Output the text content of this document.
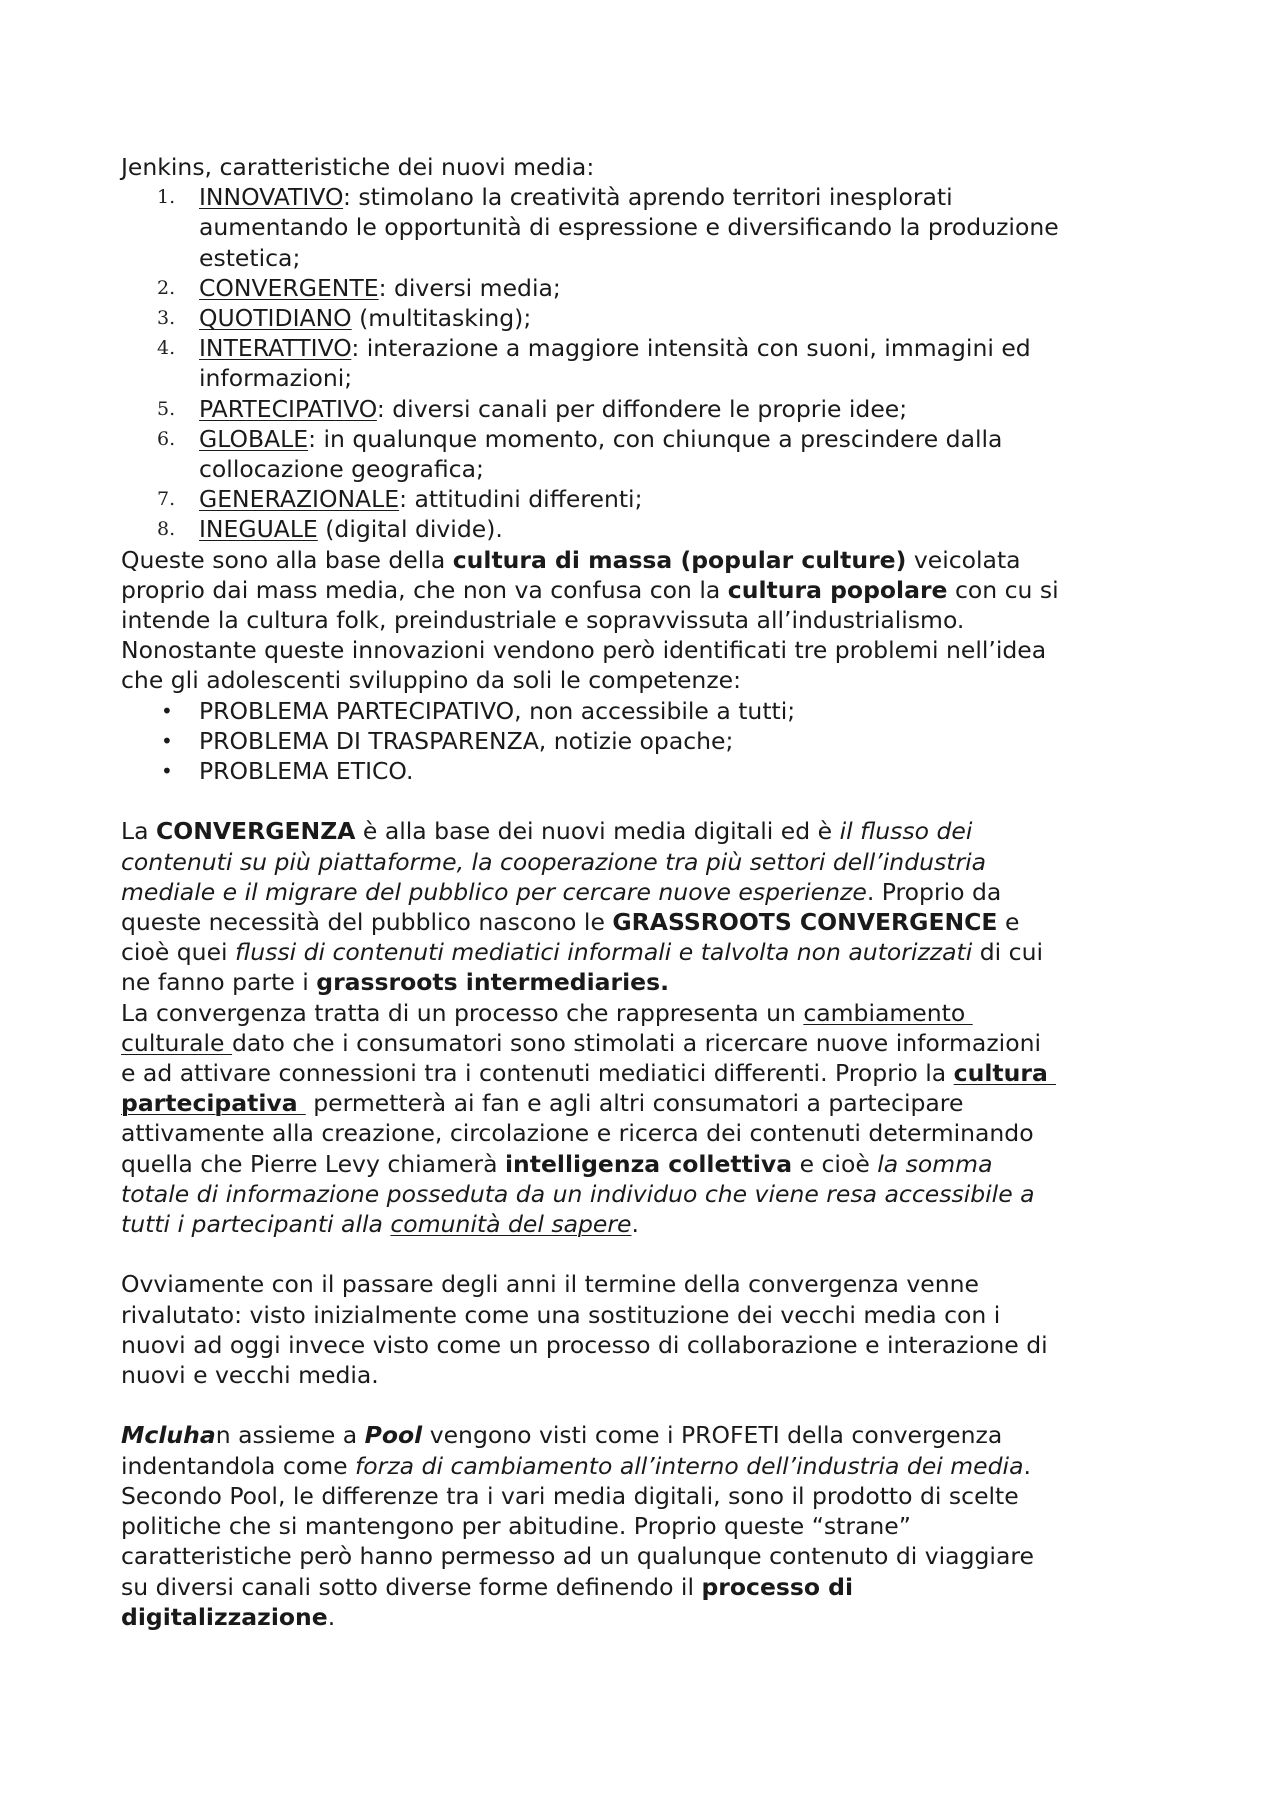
Jenkins, caratteristiche dei nuovi media:
1. INNOVATIVO: stimolano la creatività aprendo territori inesplorati
aumentando le opportunità di espressione e diversificando la produzione
estetica;
2. CONVERGENTE: diversi media;
3. QUOTIDIANO (multitasking);
4. INTERATTIVO: interazione a maggiore intensità con suoni, immagini ed
informazioni;
5. PARTECIPATIVO: diversi canali per diffondere le proprie idee;
6. GLOBALE: in qualunque momento, con chiunque a prescindere dalla
collocazione geografica;
7. GENERAZIONALE: attitudini differenti;
8. INEGUALE (digital divide).
Queste sono alla base della cultura di massa (popular culture) veicolata
proprio dai mass media, che non va confusa con la cultura popolare con cu si
intende la cultura folk, preindustriale e sopravvissuta all’industrialismo.
Nonostante queste innovazioni vendono però identificati tre problemi nell’idea
che gli adolescenti sviluppino da soli le competenze:
• PROBLEMA PARTECIPATIVO, non accessibile a tutti;
• PROBLEMA DI TRASPARENZA, notizie opache;
• PROBLEMA ETICO.
La CONVERGENZA è alla base dei nuovi media digitali ed è il flusso dei
contenuti su più piattaforme, la cooperazione tra più settori dell’industria
mediale e il migrare del pubblico per cercare nuove esperienze. Proprio da
queste necessità del pubblico nascono le GRASSROOTS CONVERGENCE e
cioè quei flussi di contenuti mediatici informali e talvolta non autorizzati di cui
ne fanno parte i grassroots intermediaries.
La convergenza tratta di un processo che rappresenta un cambiamento
culturale dato che i consumatori sono stimolati a ricercare nuove informazioni
e ad attivare connessioni tra i contenuti mediatici differenti. Proprio la cultura
partecipativa  permetterà ai fan e agli altri consumatori a partecipare
attivamente alla creazione, circolazione e ricerca dei contenuti determinando
quella che Pierre Levy chiamerà intelligenza collettiva e cioè la somma
totale di informazione posseduta da un individuo che viene resa accessibile a
tutti i partecipanti alla comunità del sapere.
Ovviamente con il passare degli anni il termine della convergenza venne
rivalutato: visto inizialmente come una sostituzione dei vecchi media con i
nuovi ad oggi invece visto come un processo di collaborazione e interazione di
nuovi e vecchi media.
Mcluhan assieme a Pool vengono visti come i PROFETI della convergenza
indentandola come forza di cambiamento all’interno dell’industria dei media.
Secondo Pool, le differenze tra i vari media digitali, sono il prodotto di scelte
politiche che si mantengono per abitudine. Proprio queste “strane”
caratteristiche però hanno permesso ad un qualunque contenuto di viaggiare
su diversi canali sotto diverse forme definendo il processo di
digitalizzazione.
